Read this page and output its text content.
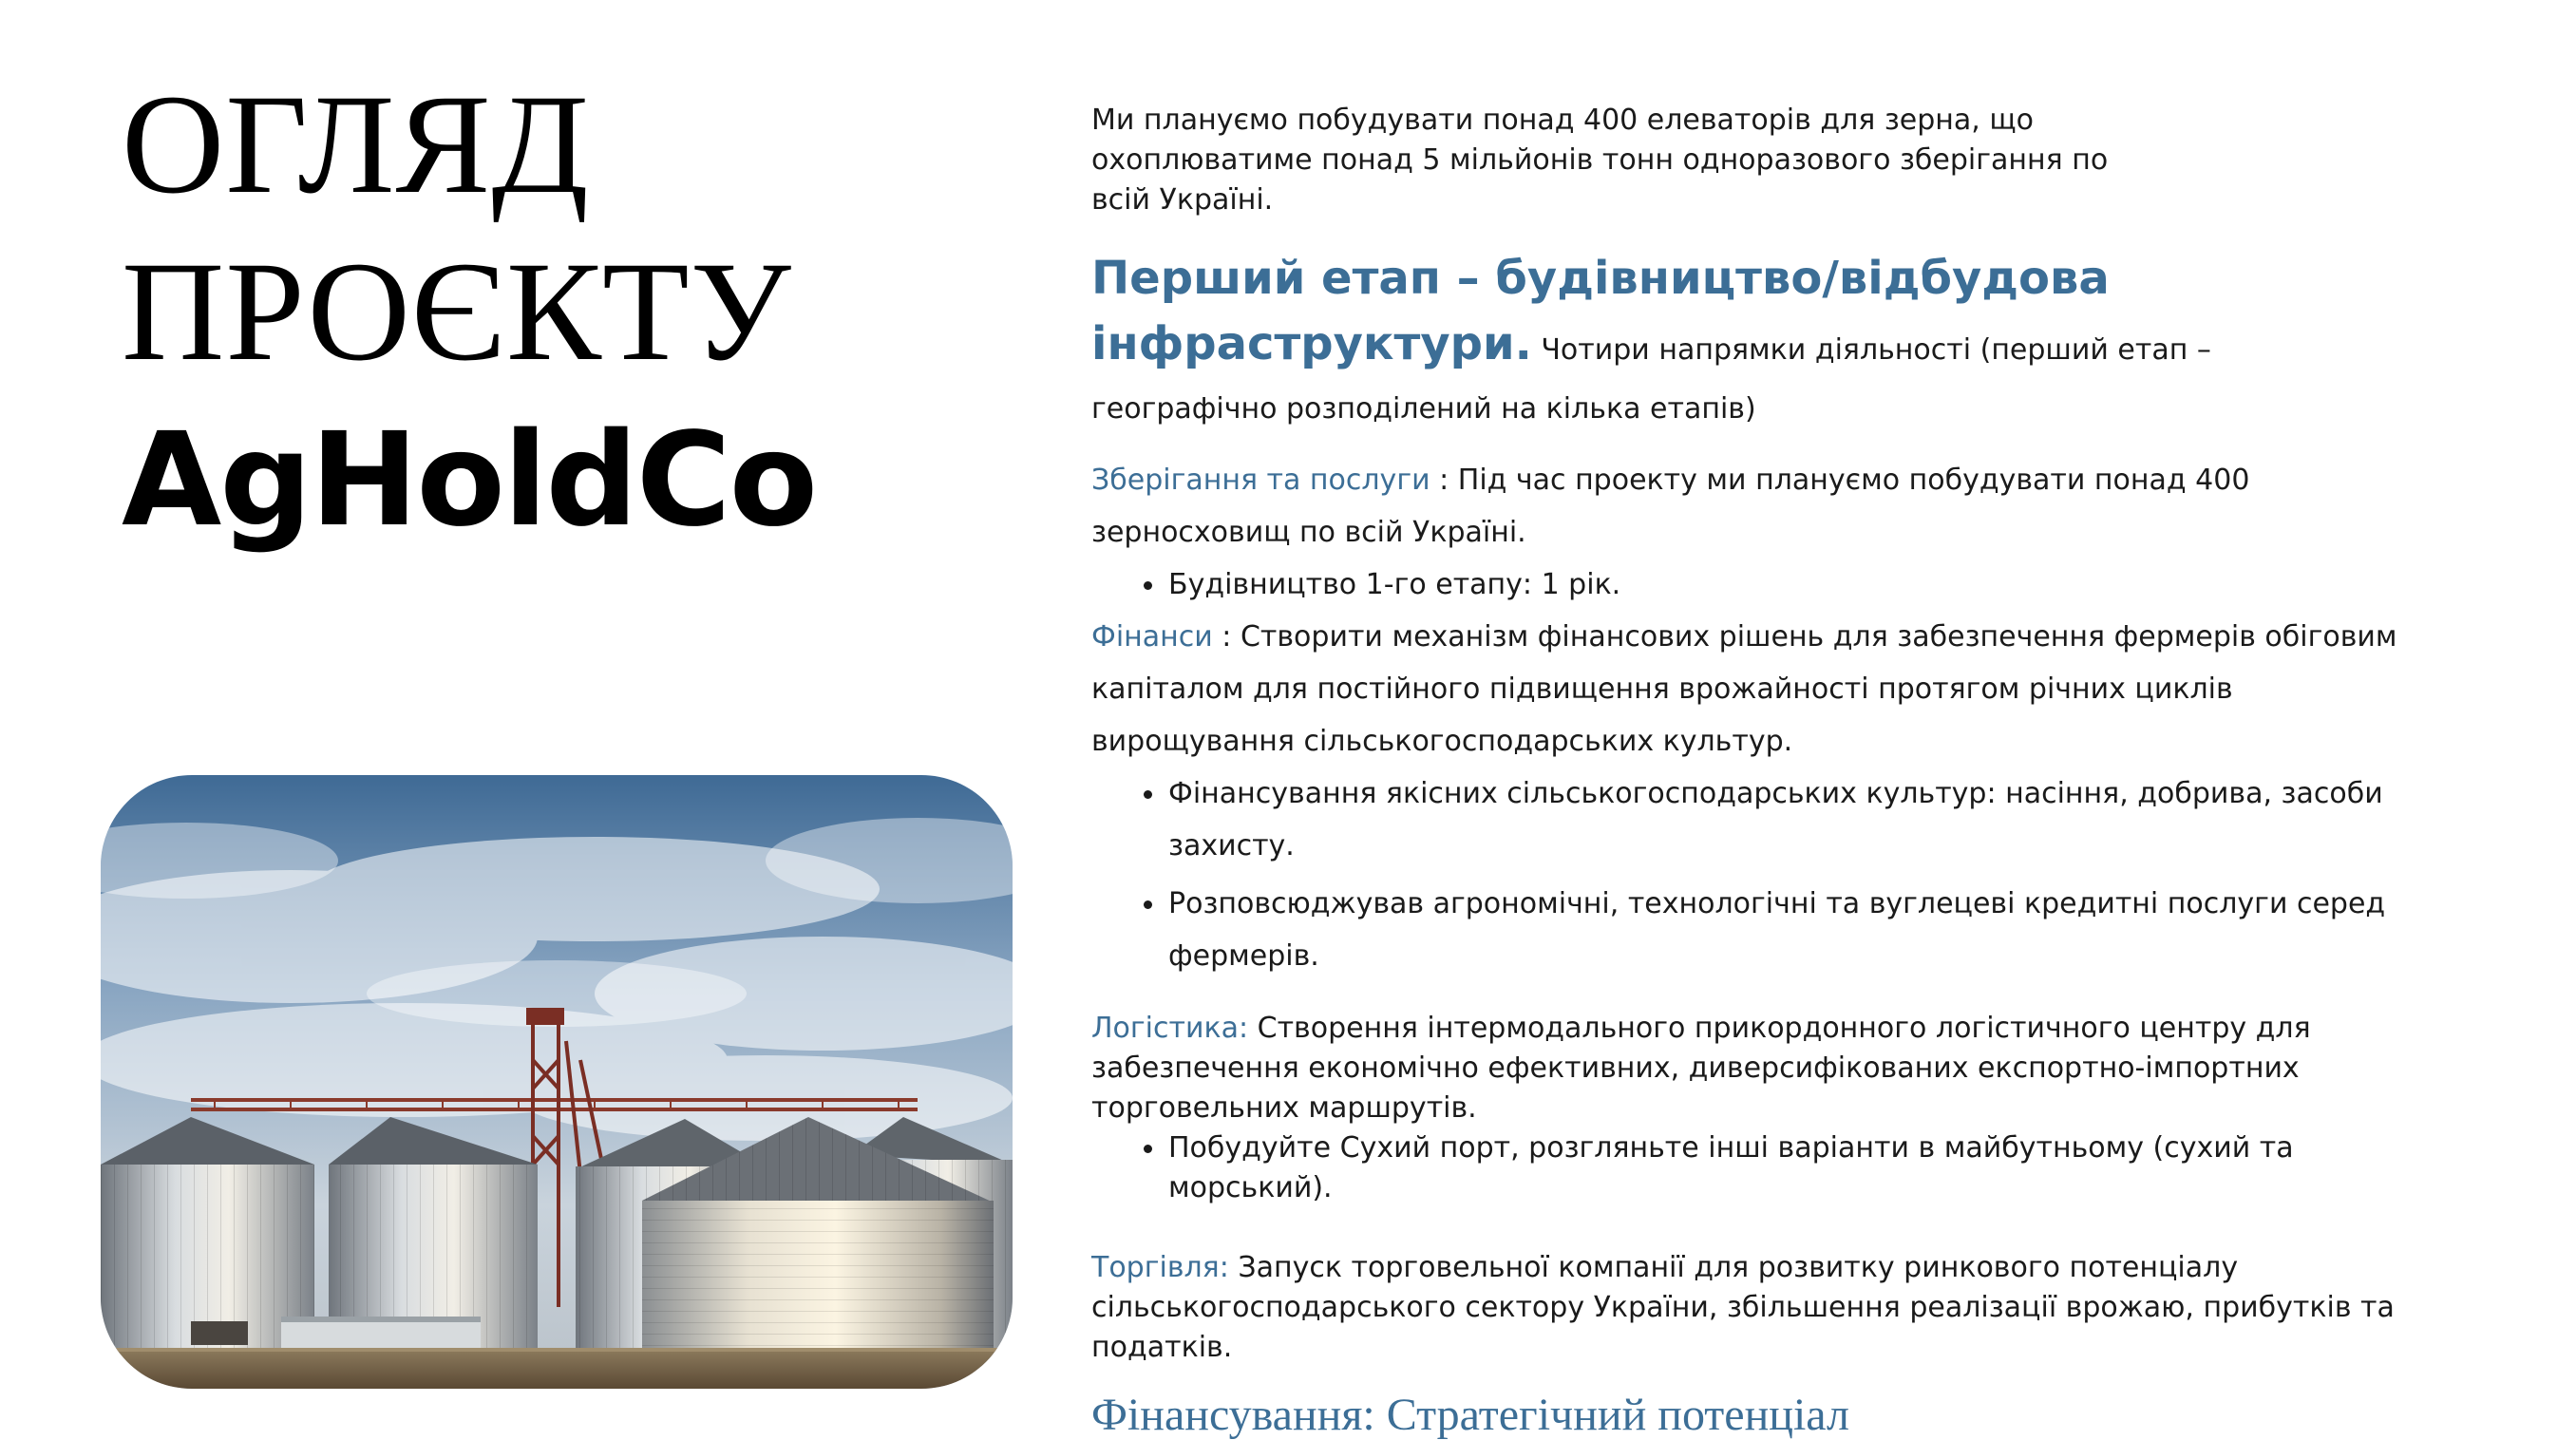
ОГЛЯД
ПРОЄКТУ
AgHoldCo

Ми плануємо побудувати понад 400 елеваторів для зерна, що охоплюватиме понад 5 мільйонів тонн одноразового зберігання по всій Україні.

Перший етап – будівництво/відбудова інфраструктури. Чотири напрямки діяльності (перший етап – географічно розподілений на кілька етапів)

Зберігання та послуги : Під час проекту ми плануємо побудувати понад 400 зерносховищ по всій Україні.

Будівництво 1-го етапу: 1 рік.

Фінанси : Створити механізм фінансових рішень для забезпечення фермерів обіговим капіталом для постійного підвищення врожайності протягом річних циклів вирощування сільськогосподарських культур.

Фінансування якісних сільськогосподарських культур: насіння, добрива, засоби захисту.
Розповсюджував агрономічні, технологічні та вуглецеві кредитні послуги серед фермерів.

Логістика: Створення інтермодального прикордонного логістичного центру для забезпечення економічно ефективних, диверсифікованих експортно-імпортних торговельних маршрутів.

Побудуйте Сухий порт, розгляньте інші варіанти в майбутньому (сухий та морський).

Торгівля: Запуск торговельної компанії для розвитку ринкового потенціалу сільськогосподарського сектору України, збільшення реалізації врожаю, прибутків та податків.

Фінансування: Стратегічний потенціал
